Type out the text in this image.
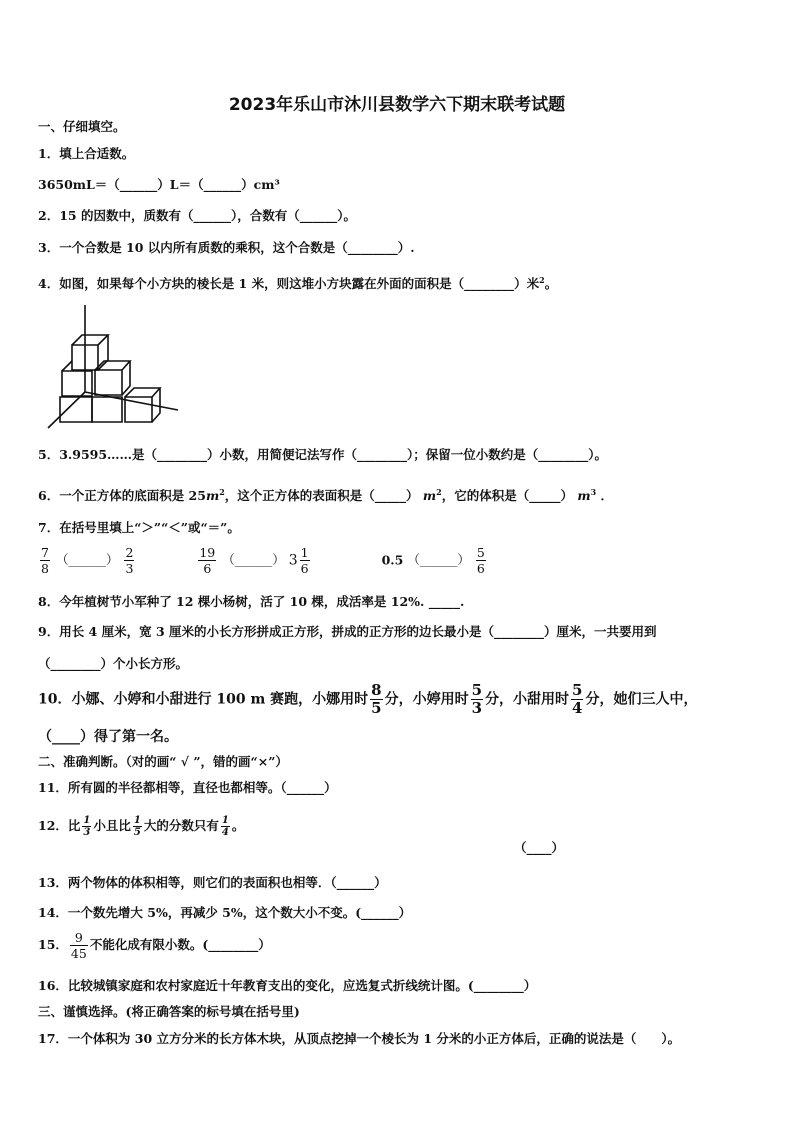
2023年乐山市沐川县数学六下期末联考试题
一、仔细填空。
1．填上合适数。
3650mL＝（______）L＝（______）cm³
2．15 的因数中，质数有（______），合数有（______）。
3．一个合数是 10 以内所有质数的乘积，这个合数是（________）.
4．如图，如果每个小方块的棱长是 1 米，则这堆小方块露在外面的面积是（________）米$^2$。
5．3.9595……是（________）小数，用简便记法写作（________）；保留一位小数约是（________）。
6．一个正方体的底面积是 $25m^2$，这个正方体的表面积是（_____） $m^2$，它的体积是（_____） $m^3$ ．
7．在括号里填上“＞”“＜”或“＝”。
$\frac{7}{8}$ （______） $\frac{2}{3}$
	$\frac{19}{6}$ （______） $3 \frac{1}{6}$	0.5 （______） $\frac{5}{6}$
8．今年植树节小军种了 12 棵小杨树，活了 10 棵，成活率是 12%. _____.
9．用长 4 厘米，宽 3 厘米的小长方形拼成正方形，拼成的正方形的边长最小是（________）厘米，一共要用到
（________）个小长方形。
10．小娜、小婷和小甜进行 100 m 赛跑，小娜用时 $\frac{8}{5}$ 分，小婷用时 $\frac{5}{3}$ 分，小甜用时 $\frac{5}{4}$ 分，她们三人中，
（____）得了第一名。
二、准确判断。（对的画“ √ ”，错的画“×”）
11．所有圆的半径都相等，直径也都相等。（______）
12．比 $\frac{1}{3}$ 小且比 $\frac{1}{5}$ 大的分数只有 $\frac{1}{4}$ 。
（____）
13．两个物体的体积相等，则它们的表面积也相等．（______）
14．一个数先增大 5%，再减少 5%，这个数大小不变。(______）
15． $\frac{9}{45}$ 不能化成有限小数。(________）
16．比较城镇家庭和农村家庭近十年教育支出的变化，应选复式折线统计图。(________）
三、谨慎选择。(将正确答案的标号填在括号里)
17．一个体积为 30 立方分米的长方体木块，从顶点挖掉一个棱长为 1 分米的小正方体后，正确的说法是（　　）。
